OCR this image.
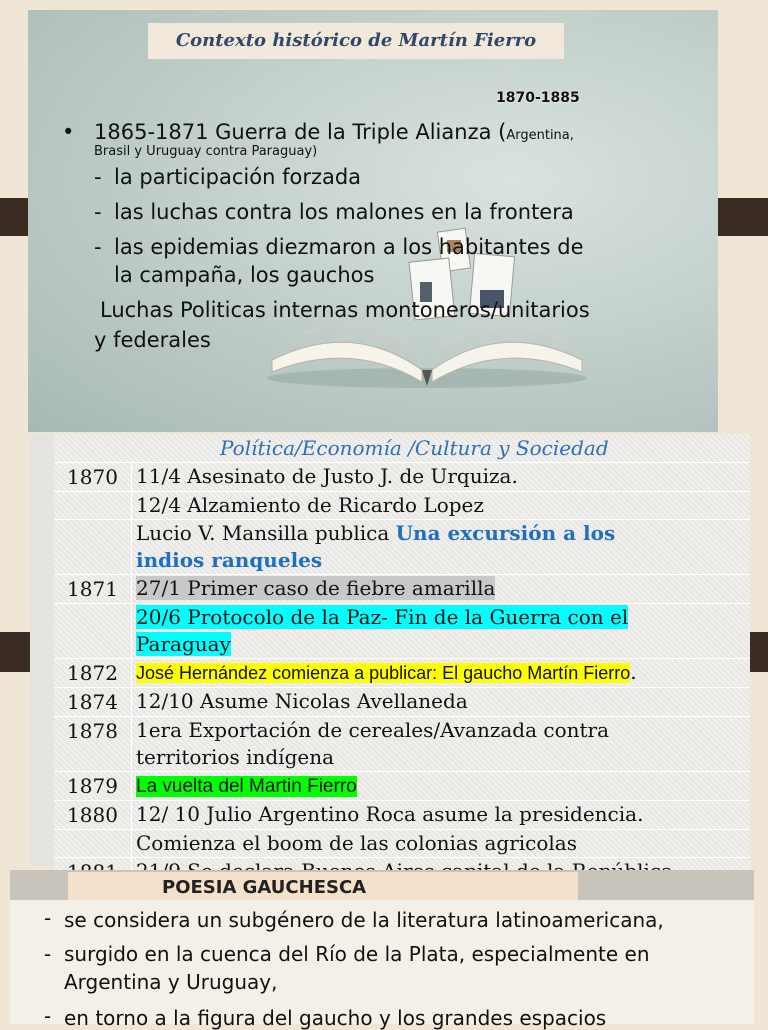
Contexto histórico de Martín Fierro
1870-1885
• 1865-1871 Guerra de la Triple Alianza (Argentina,
Brasil y Uruguay contra Paraguay)
- la participación forzada
- las luchas contra los malones en la frontera
- las epidemias diezmaron a los habitantes de
la campaña, los gauchos
Luchas Politicas internas montoneros/unitarios
y federales
Política/Economía /Cultura y Sociedad
1870 11/4 Asesinato de Justo J. de Urquiza.
12/4 Alzamiento de Ricardo Lopez
Lucio V. Mansilla publica Una excursión a los
indios ranqueles
1871 27/1 Primer caso de fiebre amarilla
20/6 Protocolo de la Paz- Fin de la Guerra con el
Paraguay
1872	José Hernández comienza a publicar: El gaucho Martín Fierro.
1874 12/10 Asume Nicolas Avellaneda
1878 1era Exportación de cereales/Avanzada contra
territorios indígena
1879 La vuelta del Martin Fierro
1880 12/ 10 Julio Argentino Roca asume la presidencia.
Comienza el boom de las colonias agricolas
POESIA GAUCHESCA
- se considera un subgénero de la literatura latinoamericana,
- surgido en la cuenca del Río de la Plata, especialmente en
Argentina y Uruguay,
- en torno a la figura del gaucho y los grandes espacios
